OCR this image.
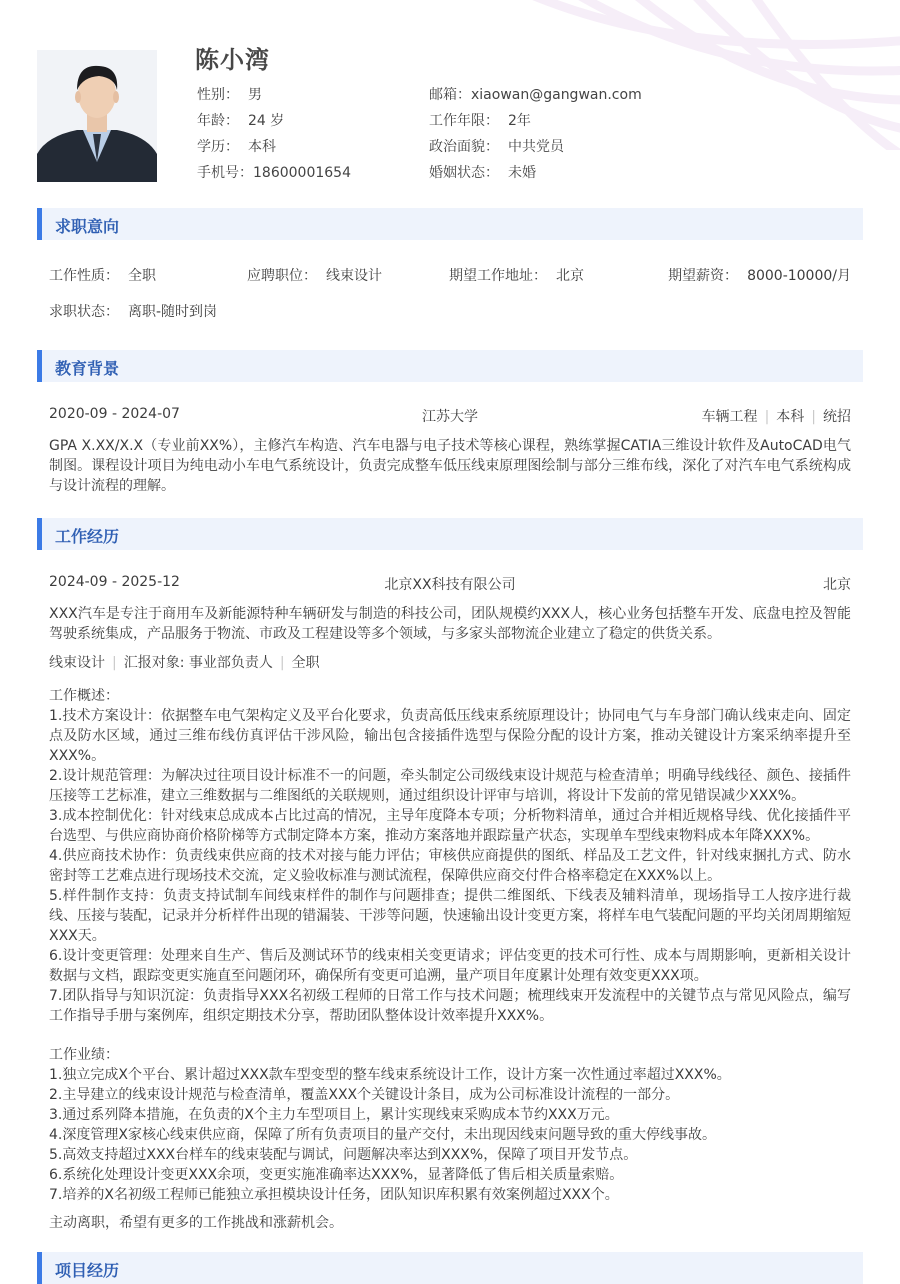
陈小湾
性别： 男	邮箱：xiaowan@gangwan.com
年龄： 24 岁	工作年限： 2年
学历： 本科	政治面貌： 中共党员
手机号：18600001654	婚姻状态： 未婚
求职意向
工作性质： 全职	应聘职位： 线束设计	期望工作地址： 北京	期望薪资： 8000-10000/月
求职状态： 离职-随时到岗
教育背景
2020-09 - 2024-07	江苏大学	车辆工程 | 本科 | 统招
GPA X.XX/X.X（专业前XX%），主修汽车构造、汽车电器与电子技术等核心课程，熟练掌握CATIA三维设计软件及AutoCAD电气制图。课程设计项目为纯电动小车电气系统设计，负责完成整车低压线束原理图绘制与部分三维布线，深化了对汽车电气系统构成与设计流程的理解。
工作经历
2024-09 - 2025-12	北京XX科技有限公司	北京
XXX汽车是专注于商用车及新能源特种车辆研发与制造的科技公司，团队规模约XXX人，核心业务包括整车开发、底盘电控及智能驾驶系统集成，产品服务于物流、市政及工程建设等多个领域，与多家头部物流企业建立了稳定的供货关系。
线束设计 | 汇报对象: 事业部负责人 | 全职
工作概述：
1.技术方案设计：依据整车电气架构定义及平台化要求，负责高低压线束系统原理设计；协同电气与车身部门确认线束走向、固定点及防水区域，通过三维布线仿真评估干涉风险，输出包含接插件选型与保险分配的设计方案，推动关键设计方案采纳率提升至XXX%。
2.设计规范管理：为解决过往项目设计标准不一的问题，牵头制定公司级线束设计规范与检查清单；明确导线线径、颜色、接插件压接等工艺标准，建立三维数据与二维图纸的关联规则，通过组织设计评审与培训，将设计下发前的常见错误减少XXX%。
3.成本控制优化：针对线束总成成本占比过高的情况，主导年度降本专项；分析物料清单，通过合并相近规格导线、优化接插件平台选型、与供应商协商价格阶梯等方式制定降本方案，推动方案落地并跟踪量产状态，实现单车型线束物料成本年降XXX%。
4.供应商技术协作：负责线束供应商的技术对接与能力评估；审核供应商提供的图纸、样品及工艺文件，针对线束捆扎方式、防水密封等工艺难点进行现场技术交流，定义验收标准与测试流程，保障供应商交付件合格率稳定在XXX%以上。
5.样件制作支持：负责支持试制车间线束样件的制作与问题排查；提供二维图纸、下线表及辅料清单，现场指导工人按序进行裁线、压接与装配，记录并分析样件出现的错漏装、干涉等问题，快速输出设计变更方案，将样车电气装配问题的平均关闭周期缩短XXX天。
6.设计变更管理：处理来自生产、售后及测试环节的线束相关变更请求；评估变更的技术可行性、成本与周期影响，更新相关设计数据与文档，跟踪变更实施直至问题闭环，确保所有变更可追溯，量产项目年度累计处理有效变更XXX项。
7.团队指导与知识沉淀：负责指导XXX名初级工程师的日常工作与技术问题；梳理线束开发流程中的关键节点与常见风险点，编写工作指导手册与案例库，组织定期技术分享，帮助团队整体设计效率提升XXX%。
工作业绩：
1.独立完成X个平台、累计超过XXX款车型变型的整车线束系统设计工作，设计方案一次性通过率超过XXX%。
2.主导建立的线束设计规范与检查清单，覆盖XXX个关键设计条目，成为公司标准设计流程的一部分。
3.通过系列降本措施，在负责的X个主力车型项目上，累计实现线束采购成本节约XXX万元。
4.深度管理X家核心线束供应商，保障了所有负责项目的量产交付，未出现因线束问题导致的重大停线事故。
5.高效支持超过XXX台样车的线束装配与调试，问题解决率达到XXX%，保障了项目开发节点。
6.系统化处理设计变更XXX余项，变更实施准确率达XXX%，显著降低了售后相关质量索赔。
7.培养的X名初级工程师已能独立承担模块设计任务，团队知识库积累有效案例超过XXX个。
主动离职，希望有更多的工作挑战和涨薪机会。
项目经历
